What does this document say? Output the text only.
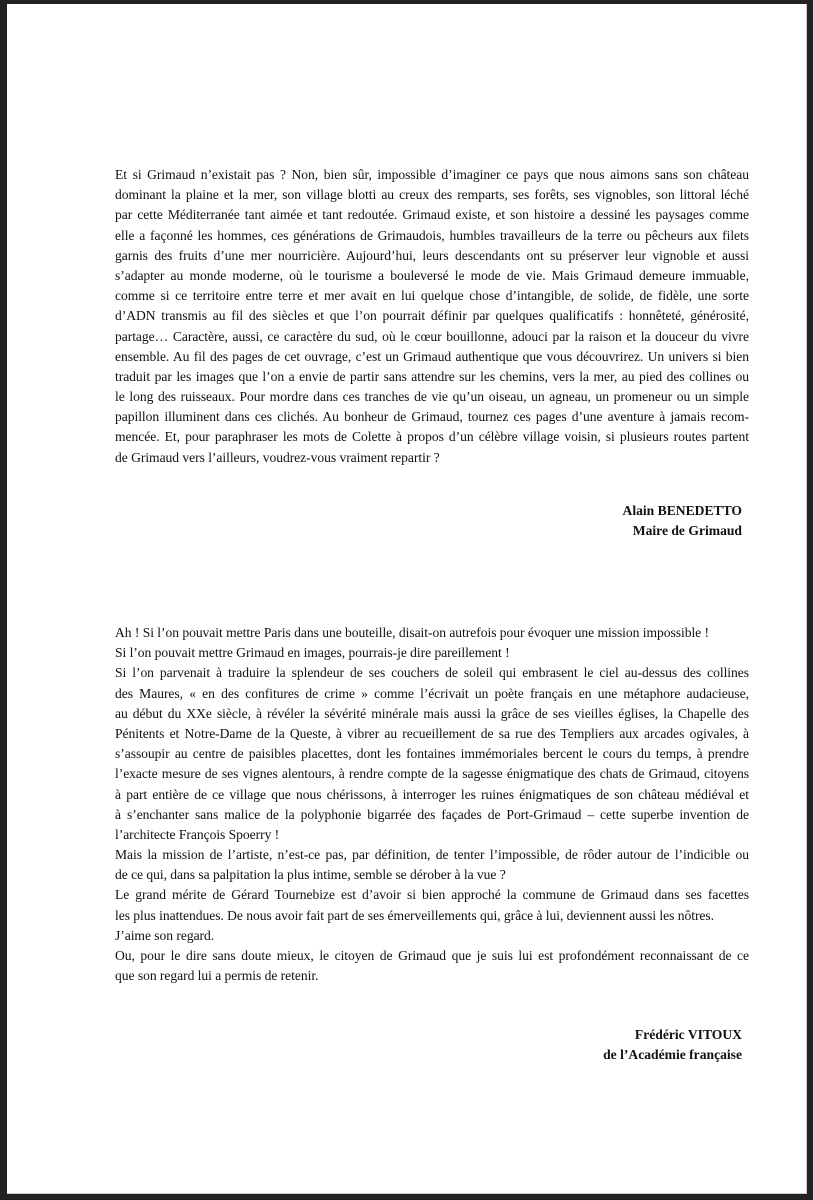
Et si Grimaud n’existait pas ? Non, bien sûr, impossible d’imaginer ce pays que nous aimons sans son château
dominant la plaine et la mer, son village blotti au creux des remparts, ses forêts, ses vignobles, son littoral léché
par cette Méditerranée tant aimée et tant redoutée. Grimaud existe, et son histoire a dessiné les paysages comme
elle a façonné les hommes, ces générations de Grimaudois, humbles travailleurs de la terre ou pêcheurs aux filets
garnis des fruits d’une mer nourricière. Aujourd’hui, leurs descendants ont su préserver leur vignoble et aussi
s’adapter au monde moderne, où le tourisme a bouleversé le mode de vie. Mais Grimaud demeure immuable,
comme si ce territoire entre terre et mer avait en lui quelque chose d’intangible, de solide, de fidèle, une sorte
d’ADN transmis au fil des siècles et que l’on pourrait définir par quelques qualificatifs : honnêteté, générosité,
partage… Caractère, aussi, ce caractère du sud, où le cœur bouillonne, adouci par la raison et la douceur du vivre
ensemble. Au fil des pages de cet ouvrage, c’est un Grimaud authentique que vous découvrirez. Un univers si bien
traduit par les images que l’on a envie de partir sans attendre sur les chemins, vers la mer, au pied des collines ou
le long des ruisseaux. Pour mordre dans ces tranches de vie qu’un oiseau, un agneau, un promeneur ou un simple
papillon illuminent dans ces clichés. Au bonheur de Grimaud, tournez ces pages d’une aventure à jamais recom-
mencée. Et, pour paraphraser les mots de Colette à propos d’un célèbre village voisin, si plusieurs routes partent
de Grimaud vers l’ailleurs, voudrez-vous vraiment repartir ?
Alain BENEDETTO
Maire de Grimaud
Ah ! Si l’on pouvait mettre Paris dans une bouteille, disait-on autrefois pour évoquer une mission impossible !
Si l’on pouvait mettre Grimaud en images, pourrais-je dire pareillement !
Si l’on parvenait à traduire la splendeur de ses couchers de soleil qui embrasent le ciel au-dessus des collines
des Maures, « en des confitures de crime » comme l’écrivait un poète français en une métaphore audacieuse,
au début du XXe siècle, à révéler la sévérité minérale mais aussi la grâce de ses vieilles églises, la Chapelle des
Pénitents et Notre-Dame de la Queste, à vibrer au recueillement de sa rue des Templiers aux arcades ogivales, à
s’assoupir au centre de paisibles placettes, dont les fontaines immémoriales bercent le cours du temps, à prendre
l’exacte mesure de ses vignes alentours, à rendre compte de la sagesse énigmatique des chats de Grimaud, citoyens
à part entière de ce village que nous chérissons, à interroger les ruines énigmatiques de son château médiéval et
à s’enchanter sans malice de la polyphonie bigarrée des façades de Port-Grimaud – cette superbe invention de
l’architecte François Spoerry !
Mais la mission de l’artiste, n’est-ce pas, par définition, de tenter l’impossible, de rôder autour de l’indicible ou
de ce qui, dans sa palpitation la plus intime, semble se dérober à la vue ?
Le grand mérite de Gérard Tournebize est d’avoir si bien approché la commune de Grimaud dans ses facettes
les plus inattendues. De nous avoir fait part de ses émerveillements qui, grâce à lui, deviennent aussi les nôtres.
J’aime son regard.
Ou, pour le dire sans doute mieux, le citoyen de Grimaud que je suis lui est profondément reconnaissant de ce
que son regard lui a permis de retenir.
Frédéric VITOUX
de l’Académie française
